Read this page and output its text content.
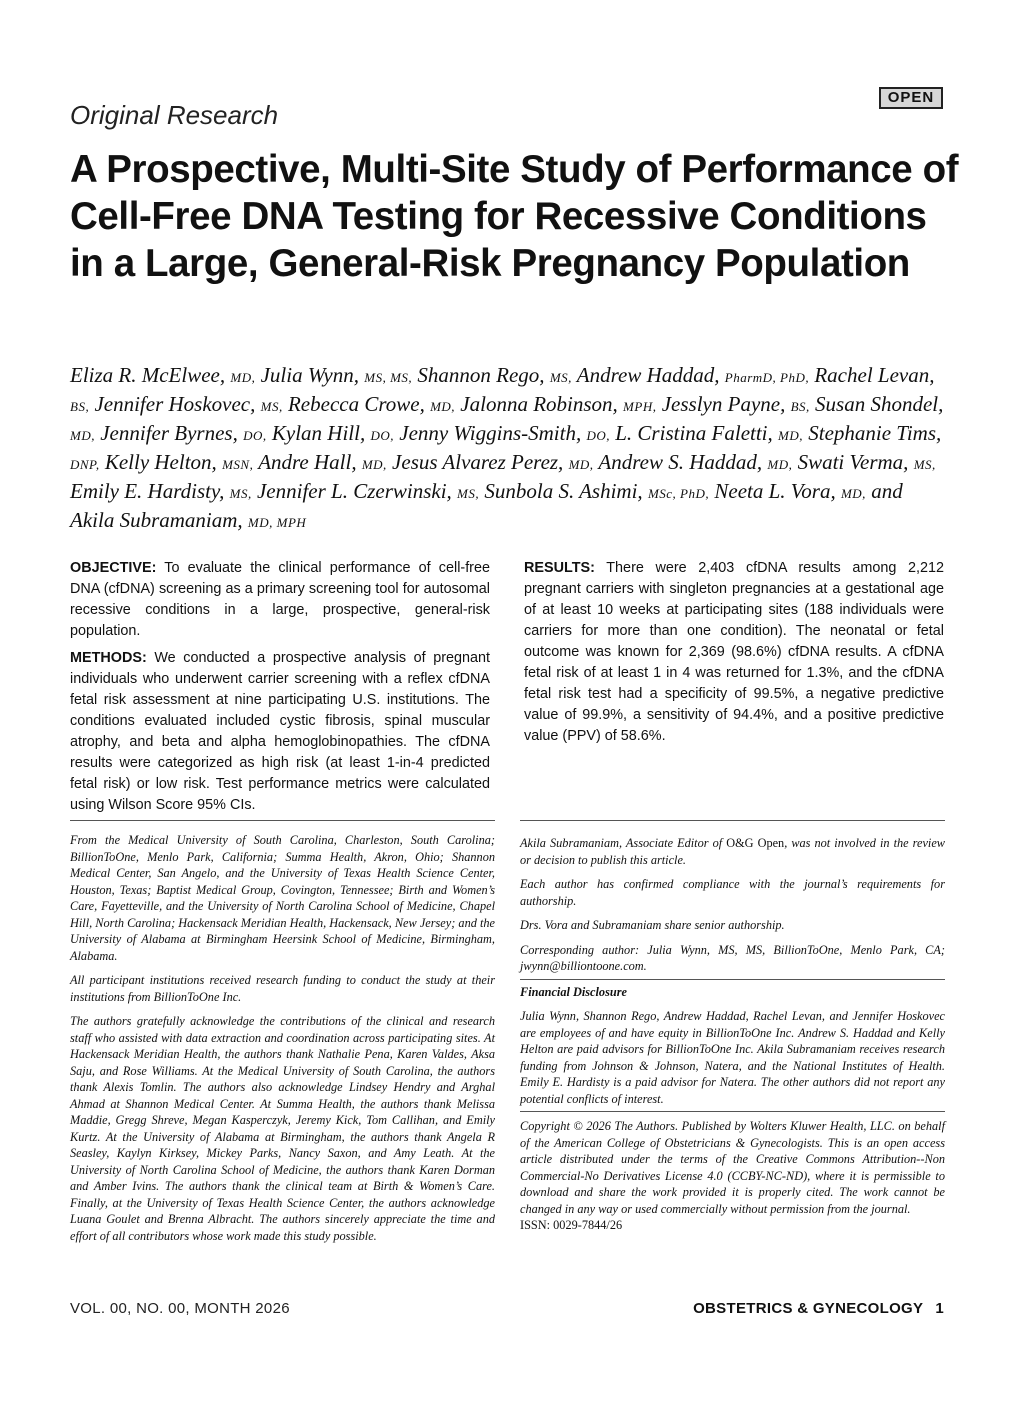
Original Research
OPEN
A Prospective, Multi-Site Study of Performance of Cell-Free DNA Testing for Recessive Conditions in a Large, General-Risk Pregnancy Population

Eliza R. McElwee, MD, Julia Wynn, MS, MS, Shannon Rego, MS, Andrew Haddad, PharmD, PhD, Rachel Levan, BS, Jennifer Hoskovec, MS, Rebecca Crowe, MD, Jalonna Robinson, MPH, Jesslyn Payne, BS, Susan Shondel, MD, Jennifer Byrnes, DO, Kylan Hill, DO, Jenny Wiggins-Smith, DO, L. Cristina Faletti, MD, Stephanie Tims, DNP, Kelly Helton, MSN, Andre Hall, MD, Jesus Alvarez Perez, MD, Andrew S. Haddad, MD, Swati Verma, MS, Emily E. Hardisty, MS, Jennifer L. Czerwinski, MS, Sunbola S. Ashimi, MSc, PhD, Neeta L. Vora, MD, and Akila Subramaniam, MD, MPH

OBJECTIVE: To evaluate the clinical performance of cell-free DNA (cfDNA) screening as a primary screening tool for autosomal recessive conditions in a large, prospective, general-risk population.

METHODS: We conducted a prospective analysis of pregnant individuals who underwent carrier screening with a reflex cfDNA fetal risk assessment at nine participating U.S. institutions. The conditions evaluated included cystic fibrosis, spinal muscular atrophy, and beta and alpha hemoglobinopathies. The cfDNA results were categorized as high risk (at least 1-in-4 predicted fetal risk) or low risk. Test performance metrics were calculated using Wilson Score 95% CIs.

RESULTS: There were 2,403 cfDNA results among 2,212 pregnant carriers with singleton pregnancies at a gestational age of at least 10 weeks at participating sites (188 individuals were carriers for more than one condition). The neonatal or fetal outcome was known for 2,369 (98.6%) cfDNA results. A cfDNA fetal risk of at least 1 in 4 was returned for 1.3%, and the cfDNA fetal risk test had a specificity of 99.5%, a negative predictive value of 99.9%, a sensitivity of 94.4%, and a positive predictive value (PPV) of 58.6%.

From the Medical University of South Carolina, Charleston, South Carolina; BillionToOne, Menlo Park, California; Summa Health, Akron, Ohio; Shannon Medical Center, San Angelo, and the University of Texas Health Science Center, Houston, Texas; Baptist Medical Group, Covington, Tennessee; Birth and Women’s Care, Fayetteville, and the University of North Carolina School of Medicine, Chapel Hill, North Carolina; Hackensack Meridian Health, Hackensack, New Jersey; and the University of Alabama at Birmingham Heersink School of Medicine, Birmingham, Alabama.

All participant institutions received research funding to conduct the study at their institutions from BillionToOne Inc.

The authors gratefully acknowledge the contributions of the clinical and research staff who assisted with data extraction and coordination across participating sites. At Hackensack Meridian Health, the authors thank Nathalie Pena, Karen Valdes, Aksa Saju, and Rose Williams. At the Medical University of South Carolina, the authors thank Alexis Tomlin. The authors also acknowledge Lindsey Hendry and Arghal Ahmad at Shannon Medical Center. At Summa Health, the authors thank Melissa Maddie, Gregg Shreve, Megan Kasperczyk, Jeremy Kick, Tom Callihan, and Emily Kurtz. At the University of Alabama at Birmingham, the authors thank Angela R Seasley, Kaylyn Kirksey, Mickey Parks, Nancy Saxon, and Amy Leath. At the University of North Carolina School of Medicine, the authors thank Karen Dorman and Amber Ivins. The authors thank the clinical team at Birth & Women’s Care. Finally, at the University of Texas Health Science Center, the authors acknowledge Luana Goulet and Brenna Albracht. The authors sincerely appreciate the time and effort of all contributors whose work made this study possible.

Akila Subramaniam, Associate Editor of O&G Open, was not involved in the review or decision to publish this article.

Each author has confirmed compliance with the journal’s requirements for authorship.

Drs. Vora and Subramaniam share senior authorship.

Corresponding author: Julia Wynn, MS, MS, BillionToOne, Menlo Park, CA; jwynn@billiontoone.com.

Financial Disclosure

Julia Wynn, Shannon Rego, Andrew Haddad, Rachel Levan, and Jennifer Hoskovec are employees of and have equity in BillionToOne Inc. Andrew S. Haddad and Kelly Helton are paid advisors for BillionToOne Inc. Akila Subramaniam receives research funding from Johnson & Johnson, Natera, and the National Institutes of Health. Emily E. Hardisty is a paid advisor for Natera. The other authors did not report any potential conflicts of interest.

Copyright © 2026 The Authors. Published by Wolters Kluwer Health, LLC. on behalf of the American College of Obstetricians & Gynecologists. This is an open access article distributed under the terms of the Creative Commons Attribution--Non Commercial-No Derivatives License 4.0 (CCBY-NC-ND), where it is permissible to download and share the work provided it is properly cited. The work cannot be changed in any way or used commercially without permission from the journal.

ISSN: 0029-7844/26

VOL. 00, NO. 00, MONTH 2026	OBSTETRICS & GYNECOLOGY 1
